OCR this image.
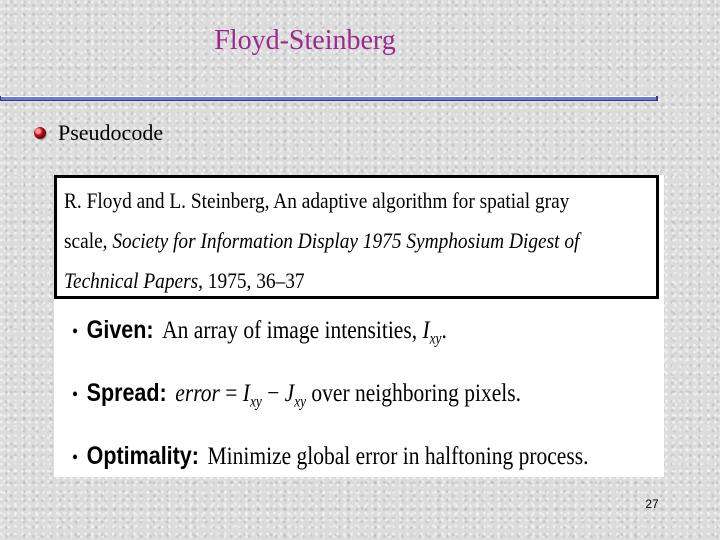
Floyd-Steinberg
Pseudocode
R. Floyd and L. Steinberg, An adaptive algorithm for spatial gray
scale, Society for Information Display 1975 Symphosium Digest of
Technical Papers, 1975, 36–37
• Given: An array of image intensities,
$I_{xy}$ .
• Spread: error
=
$I_{xy}$
−
$J_{xy}$
over neighboring pixels.
• Optimality: Minimize global error in halftoning process.
27
